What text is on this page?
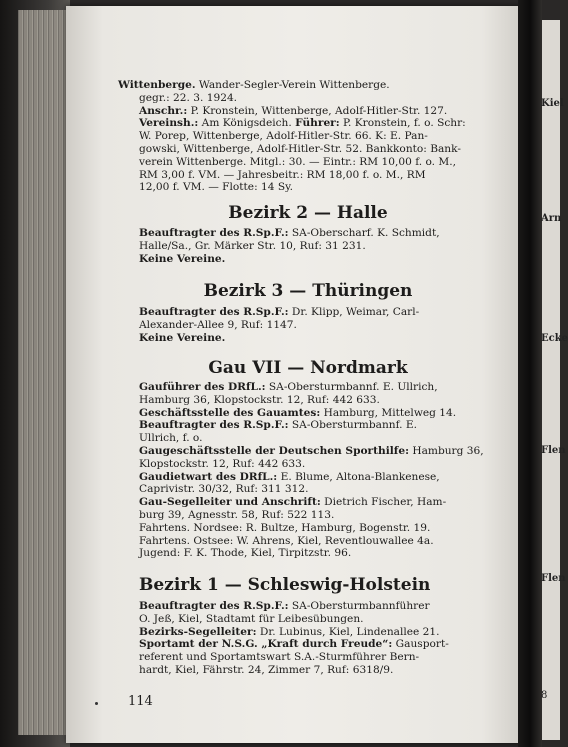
Wittenberge. Wander-Segler-Verein Wittenberge.
gegr.: 22. 3. 1924.
Anschr.: P. Kronstein, Wittenberge, Adolf-Hitler-Str. 127.
Vereinsh.: Am Königsdeich. Führer: P. Kronstein, f. o. Schr:
W. Porep, Wittenberge, Adolf-Hitler-Str. 66. K: E. Pan-
gowski, Wittenberge, Adolf-Hitler-Str. 52. Bankkonto: Bank-
verein Wittenberge. Mitgl.: 30. — Eintr.: RM 10,00 f. o. M.,
RM 3,00 f. VM. — Jahresbeitr.: RM 18,00 f. o. M., RM
12,00 f. VM. — Flotte: 14 Sy.
Bezirk 2 — Halle
Beauftragter des R.Sp.F.: SA-Oberscharf. K. Schmidt,
Halle/Sa., Gr. Märker Str. 10, Ruf: 31 231.
Keine Vereine.
Bezirk 3 — Thüringen
Beauftragter des R.Sp.F.: Dr. Klipp, Weimar, Carl-
Alexander-Allee 9, Ruf: 1147.
Keine Vereine.
Gau VII — Nordmark
Gauführer des DRfL.: SA-Obersturmbannf. E. Ullrich,
Hamburg 36, Klopstockstr. 12, Ruf: 442 633.
Geschäftsstelle des Gauamtes: Hamburg, Mittelweg 14.
Beauftragter des R.Sp.F.: SA-Obersturmbannf. E.
Ullrich, f. o.
Gaugeschäftsstelle der Deutschen Sporthilfe: Hamburg 36,
Klopstockstr. 12, Ruf: 442 633.
Gaudietwart des DRfL.: E. Blume, Altona-Blankenese,
Caprivistr. 30/32, Ruf: 311 312.
Gau-Segelleiter und Anschrift: Dietrich Fischer, Ham-
burg 39, Agnesstr. 58, Ruf: 522 113.
Fahrtens. Nordsee: R. Bultze, Hamburg, Bogenstr. 19.
Fahrtens. Ostsee: W. Ahrens, Kiel, Reventlouwallee 4a.
Jugend: F. K. Thode, Kiel, Tirpitzstr. 96.
Bezirk 1 — Schleswig-Holstein
Beauftragter des R.Sp.F.: SA-Obersturmbannführer
O. Jeß, Kiel, Stadtamt für Leibesübungen.
Bezirks-Segelleiter: Dr. Lubinus, Kiel, Lindenallee 21.
Sportamt der N.S.G. „Kraft durch Freude“: Gausport-
referent und Sportamtswart S.A.-Sturmführer Bern-
hardt, Kiel, Fährstr. 24, Zimmer 7, Ruf: 6318/9.
114
Kiel
Arn
Ecke
Flen
Flen
8
